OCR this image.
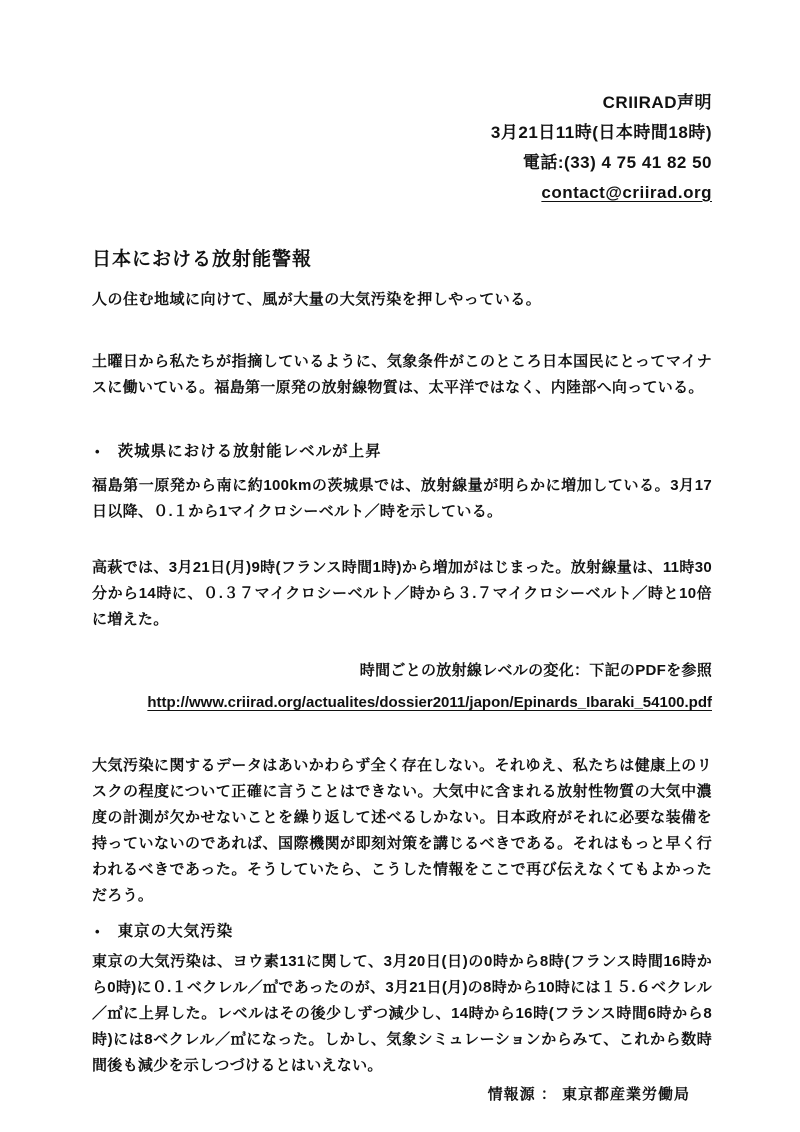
CRIIRAD声明
3月21日11時(日本時間18時)
電話:(33) 4 75 41 82 50
contact@criirad.org
日本における放射能警報
人の住む地域に向けて、風が大量の大気汚染を押しやっている。
土曜日から私たちが指摘しているように、気象条件がこのところ日本国民にとってマイナスに働いている。福島第一原発の放射線物質は、太平洋ではなく、内陸部へ向っている。
•	茨城県における放射能レベルが上昇
福島第一原発から南に約100kmの茨城県では、放射線量が明らかに増加している。3月17日以降、０.１から1マイクロシーベルト／時を示している。
高萩では、3月21日(月)9時(フランス時間1時)から増加がはじまった。放射線量は、11時30分から14時に、０.３７マイクロシーベルト／時から３.７マイクロシーベルト／時と10倍に増えた。
時間ごとの放射線レベルの変化：下記のPDFを参照
http://www.criirad.org/actualites/dossier2011/japon/Epinards_Ibaraki_54100.pdf
大気汚染に関するデータはあいかわらず全く存在しない。それゆえ、私たちは健康上のリスクの程度について正確に言うことはできない。大気中に含まれる放射性物質の大気中濃度の計測が欠かせないことを繰り返して述べるしかない。日本政府がそれに必要な装備を持っていないのであれば、国際機関が即刻対策を講じるべきである。それはもっと早く行われるべきであった。そうしていたら、こうした情報をここで再び伝えなくてもよかっただろう。
•	東京の大気汚染
東京の大気汚染は、ヨウ素131に関して、3月20日(日)の0時から8時(フランス時間16時から0時)に０.１ベクレル／㎥であったのが、3月21日(月)の8時から10時には１５.６ベクレル／㎥に上昇した。レベルはその後少しずつ減少し、14時から16時(フランス時間6時から8時)には8ベクレル／㎥になった。しかし、気象シミュレーションからみて、これから数時間後も減少を示しつづけるとはいえない。
情報源 ： 東京都産業労働局
